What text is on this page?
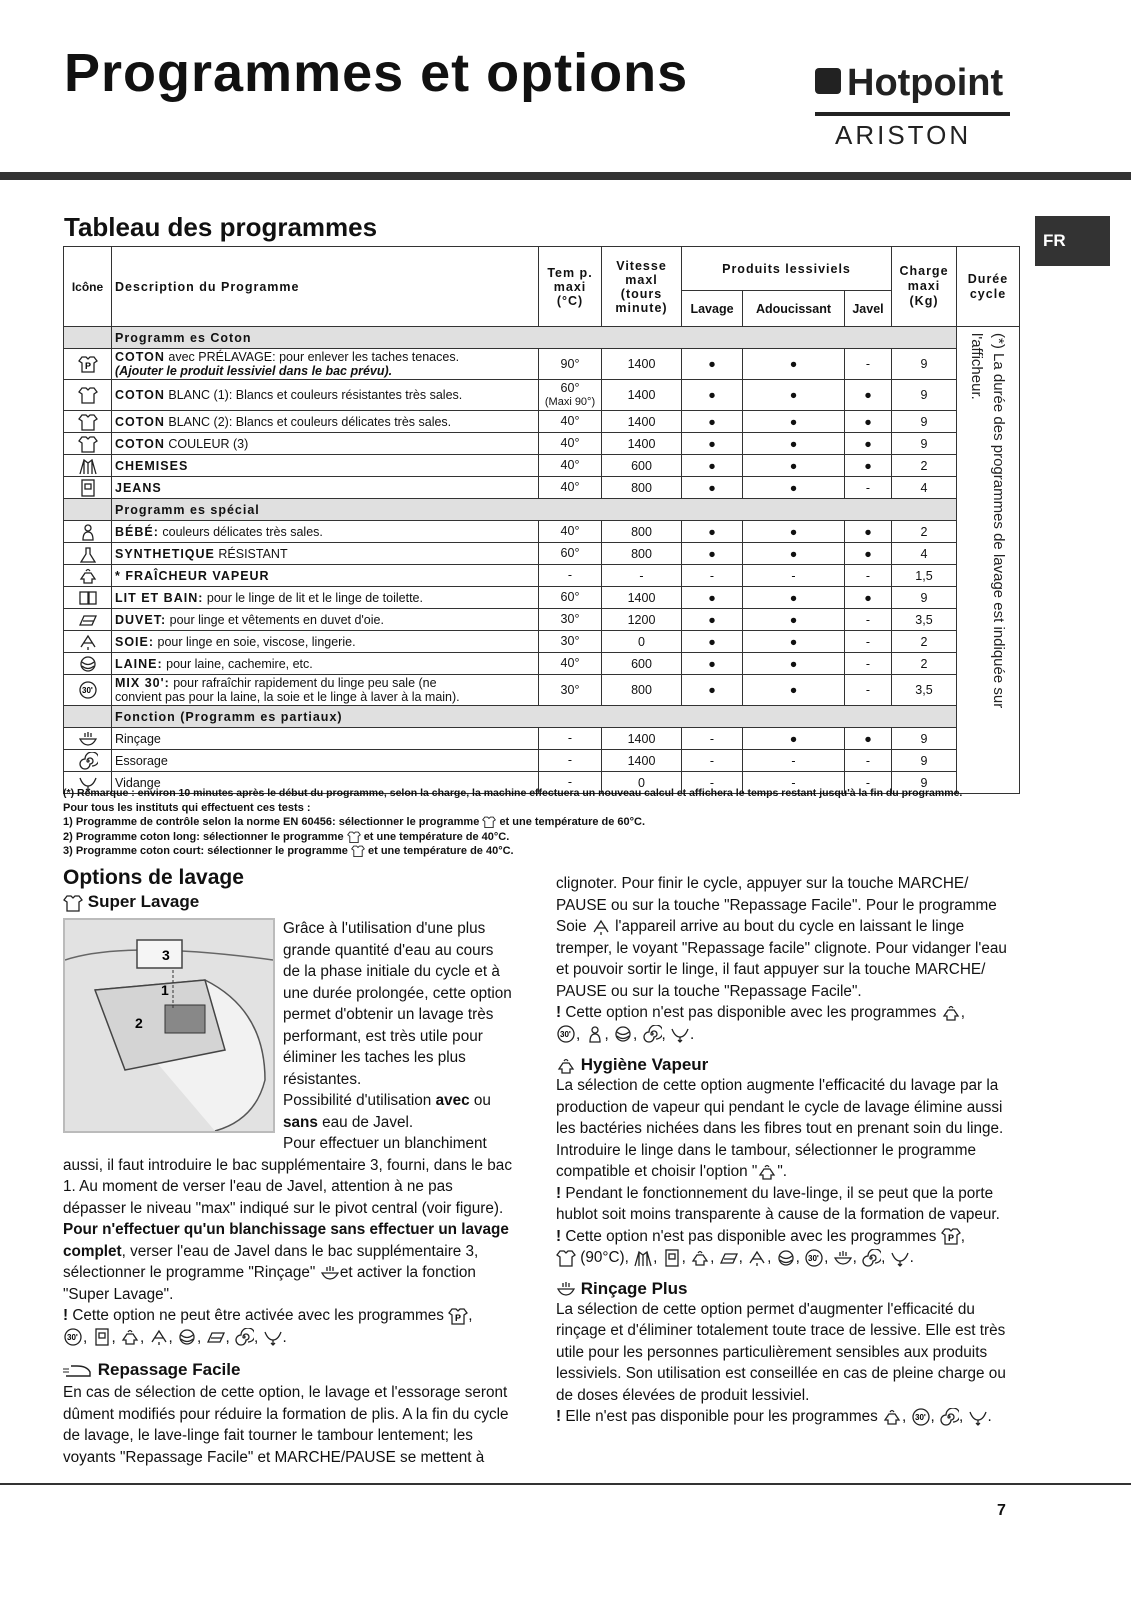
Programmes et options	Hotpoint
ARISTON
FR
Tableau des programmes
Icône	Description du Programme	Tem p.
maxi
(°C)	Vitesse
maxl
(tours
minute)	Produits lessiviels			Charge
maxi
(Kg)	Durée
cycle
				Lavage	Adoucissant	Javel		
	Programm es Coton							(*) La durée des programmes de lavage est indiquée sur l'afficheur.

P	COTON avec PRÉLAVAGE: pour enlever les taches tenaces.
(Ajouter le produit lessiviel dans le bac prévu).	90°	1400	●	●	-	9	
	COTON BLANC (1): Blancs et couleurs résistantes très sales.	60°
(Maxi 90°)	1400	●	●	●	9	
	COTON BLANC (2): Blancs et couleurs délicates très sales.	40°	1400	●	●	●	9	
	COTON COULEUR (3)	40°	1400	●	●	●	9	
	CHEMISES	40°	600	●	●	●	2	
	JEANS	40°	800	●	●	-	4	
	Programm es spécial							
	BÉBÉ: couleurs délicates très sales.	40°	800	●	●	●	2	
	SYNTHETIQUE RÉSISTANT	60°	800	●	●	●	4	
	* FRAÎCHEUR VAPEUR	-	-	-	-	-	1,5	
	LIT ET BAIN: pour le linge de lit et le linge de toilette.	60°	1400	●	●	●	9	
	DUVET: pour linge et vêtements en duvet d'oie.	30°	1200	●	●	-	3,5	
	SOIE: pour linge en soie, viscose, lingerie.	30°	0	●	●	-	2	
	LAINE: pour laine, cachemire, etc.	40°	600	●	●	-	2	

30'	MIX 30': pour rafraîchir rapidement du linge peu sale (ne
convient pas pour la laine, la soie et le linge à laver à la main).	30°	800	●	●	-	3,5	
	Fonction (Programm es partiaux)							
	Rinçage	-	1400	-	●	●	9	
	Essorage	-	1400	-	-	-	9	
	Vidange	-	0	-	-	-	9	
(*) Remarque : environ 10 minutes après le début du programme, selon la charge, la machine effectuera un nouveau calcul et affichera le temps restant jusqu'à la fin du programme.
Pour tous les instituts qui effectuent ces tests :
1) Programme de contrôle selon la norme EN 60456: sélectionner le programme et une température de 60°C.
2) Programme coton long: sélectionner le programme et une température de 40°C.
3) Programme coton court: sélectionner le programme et une température de 40°C.
Options de lavage
Super Lavage
Grâce à l'utilisation d'une plus grande quantité d'eau au cours de la phase initiale du cycle et à une durée prolongée, cette option permet d'obtenir un lavage très performant, est très utile pour éliminer les taches les plus résistantes.
Possibilité d'utilisation avec ou sans eau de Javel.
Pour effectuer un blanchiment aussi, il faut introduire le bac supplémentaire 3, fourni, dans le bac 1. Au moment de verser l'eau de Javel, attention à ne pas dépasser le niveau "max" indiqué sur le pivot central (voir figure).
Pour n'effectuer qu'un blanchissage sans effectuer un lavage complet, verser l'eau de Javel dans le bac supplémentaire 3, sélectionner le programme "Rinçage"  et activer la fonction "Super Lavage".
! Cette option ne peut être activée avec les programmes P ,
30' , , , , , , , .
Repassage Facile
En cas de sélection de cette option, le lavage et l'essorage seront dûment modifiés pour réduire la formation de plis. A la fin du cycle de lavage, le lave-linge fait tourner le tambour lentement; les voyants "Repassage Facile" et MARCHE/PAUSE se mettent à
3
1
2
clignoter. Pour finir le cycle, appuyer sur la touche MARCHE/ PAUSE ou sur la touche "Repassage Facile". Pour le programme Soie  l'appareil arrive au bout du cycle en laissant le linge tremper, le voyant "Repassage facile" clignote. Pour vidanger l'eau et pouvoir sortir le linge, il faut appuyer sur la touche MARCHE/ PAUSE ou sur la touche "Repassage Facile".
! Cette option n'est pas disponible avec les programmes ,
30' , , , , .
Hygiène Vapeur
La sélection de cette option augmente l'efficacité du lavage par la production de vapeur qui pendant le cycle de lavage élimine aussi les bactéries nichées dans les fibres tout en prenant soin du linge. Introduire le linge dans le tambour, sélectionner le programme compatible et choisir l'option " ".
! Pendant le fonctionnement du lave-linge, il se peut que la porte hublot soit moins transparente à cause de la formation de vapeur.
! Cette option n'est pas disponible avec les programmes P ,
(90°C), , , , , , , 30' , , , .
Rinçage Plus
La sélection de cette option permet d'augmenter l'efficacité du rinçage et d'éliminer totalement toute trace de lessive. Elle est très utile pour les personnes particulièrement sensibles aux produits lessiviels. Son utilisation est conseillée en cas de pleine charge ou de doses élevées de produit lessiviel.
! Elle n'est pas disponible pour les programmes , 30' , , .
7
